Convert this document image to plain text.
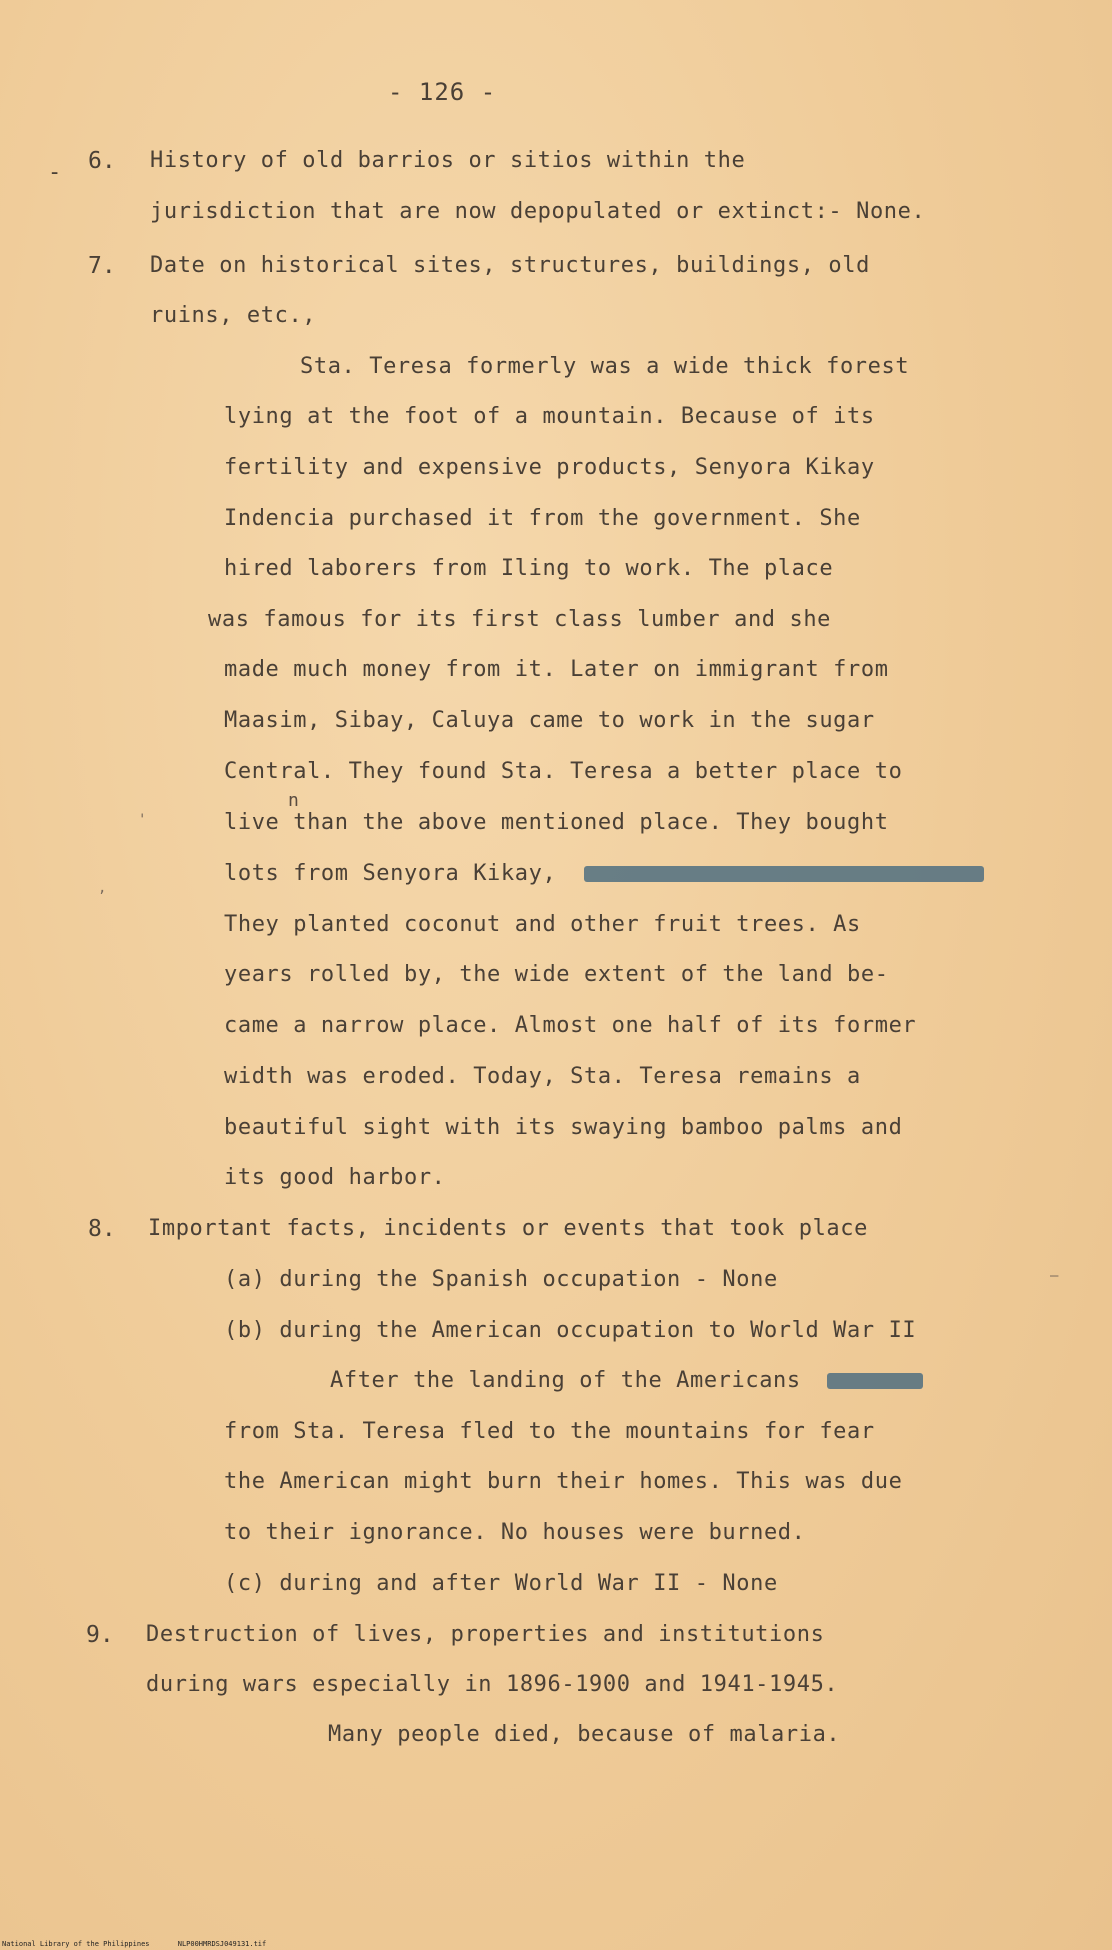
- 126 -
- 6. History of old barrios or sitios within the
jurisdiction that are now depopulated or extinct:- None.
7. Date on historical sites, structures, buildings, old
ruins, etc.,
Sta. Teresa formerly was a wide thick forest
lying at the foot of a mountain. Because of its
fertility and expensive products, Senyora Kikay
Indencia purchased it from the government. She
hired laborers from Iling to work. The place
was famous for its first class lumber and she
made much money from it. Later on immigrant from
Maasim, Sibay, Caluya came to work in the sugar
Central. They found Sta. Teresa a better place to
n
live than the above mentioned place. They bought
lots from Senyora Kikay,
They planted coconut and other fruit trees. As
years rolled by, the wide extent of the land be-
came a narrow place. Almost one half of its former
width was eroded. Today, Sta. Teresa remains a
beautiful sight with its swaying bamboo palms and
its good harbor.
8. Important facts, incidents or events that took place
(a) during the Spanish occupation - None
(b) during the American occupation to World War II
After the landing of the Americans
from Sta. Teresa fled to the mountains for fear
the American might burn their homes. This was due
to their ignorance. No houses were burned.
(c) during and after World War II - None
9. Destruction of lives, properties and institutions
during wars especially in 1896-1900 and 1941-1945.
Many people died, because of malaria.
'
,
—
National Library of the Philippines	NLP00HMRDSJ049131.tif
